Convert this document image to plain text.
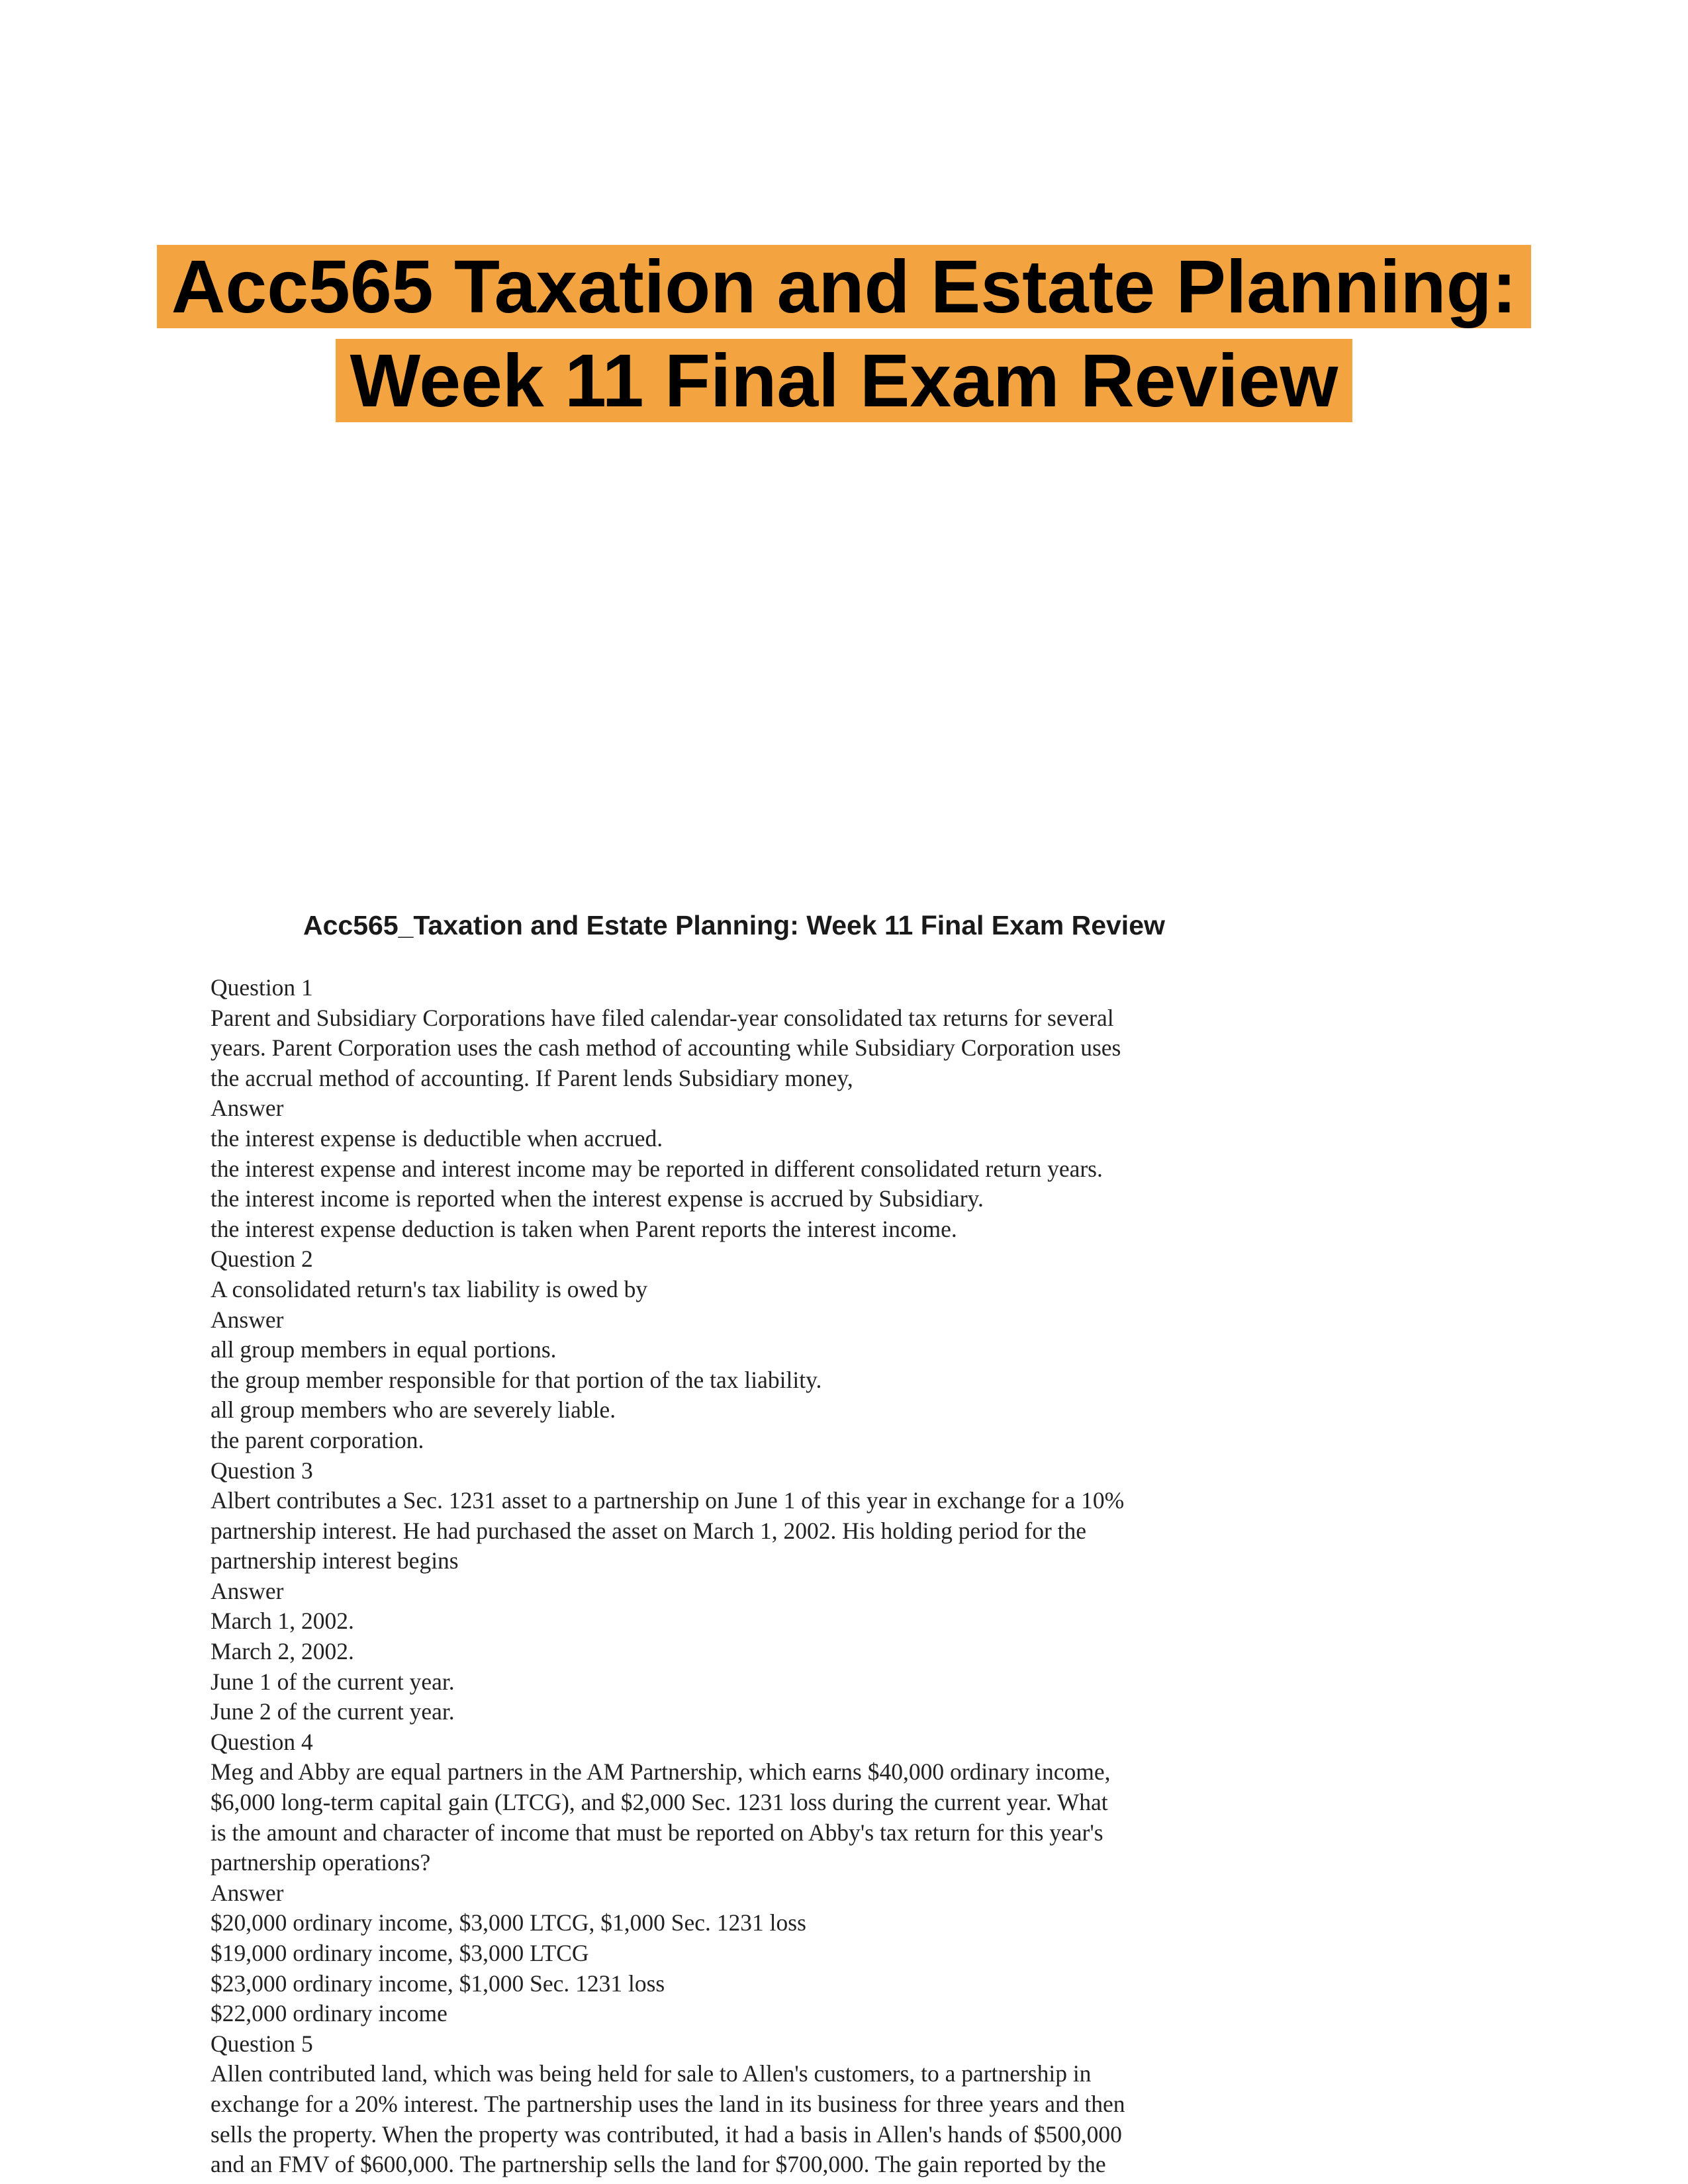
Acc565 Taxation and Estate Planning:
Week 11 Final Exam Review
Acc565_Taxation and Estate Planning: Week 11 Final Exam Review
Question 1
Parent and Subsidiary Corporations have filed calendar-year consolidated tax returns for several
years. Parent Corporation uses the cash method of accounting while Subsidiary Corporation uses
the accrual method of accounting. If Parent lends Subsidiary money,
Answer
the interest expense is deductible when accrued.
the interest expense and interest income may be reported in different consolidated return years.
the interest income is reported when the interest expense is accrued by Subsidiary.
the interest expense deduction is taken when Parent reports the interest income.
Question 2
A consolidated return's tax liability is owed by
Answer
all group members in equal portions.
the group member responsible for that portion of the tax liability.
all group members who are severely liable.
the parent corporation.
Question 3
Albert contributes a Sec. 1231 asset to a partnership on June 1 of this year in exchange for a 10%
partnership interest. He had purchased the asset on March 1, 2002. His holding period for the
partnership interest begins
Answer
March 1, 2002.
March 2, 2002.
June 1 of the current year.
June 2 of the current year.
Question 4
Meg and Abby are equal partners in the AM Partnership, which earns $40,000 ordinary income,
$6,000 long-term capital gain (LTCG), and $2,000 Sec. 1231 loss during the current year. What
is the amount and character of income that must be reported on Abby's tax return for this year's
partnership operations?
Answer
$20,000 ordinary income, $3,000 LTCG, $1,000 Sec. 1231 loss
$19,000 ordinary income, $3,000 LTCG
$23,000 ordinary income, $1,000 Sec. 1231 loss
$22,000 ordinary income
Question 5
Allen contributed land, which was being held for sale to Allen's customers, to a partnership in
exchange for a 20% interest. The partnership uses the land in its business for three years and then
sells the property. When the property was contributed, it had a basis in Allen's hands of $500,000
and an FMV of $600,000. The partnership sells the land for $700,000. The gain reported by the
